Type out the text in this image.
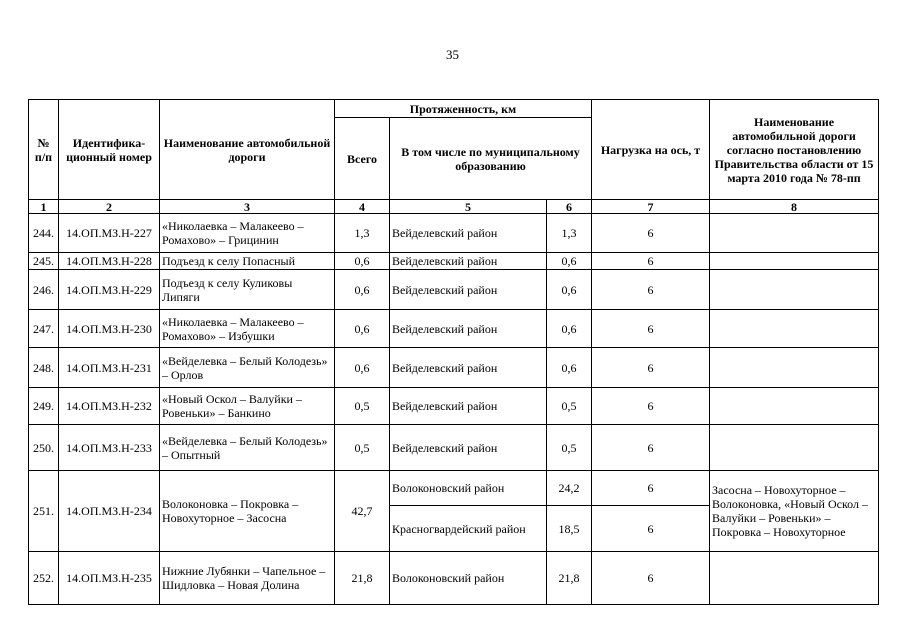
35
№ п/п	Идентифика-ционный номер	Наименование автомобильной дороги	Протяженность, км			Нагрузка на ось, т	Наименование автомобильной дороги согласно постановлению Правительства области от 15 марта 2010 года № 78-пп
			Всего	В том числе по муниципальному образованию			
1	2	3	4	5	6	7	8
244.	14.ОП.МЗ.Н-227	«Николаевка – Малакеево – Ромахово» – Грицинин	1,3	Вейделевский район	1,3	6	
245.	14.ОП.МЗ.Н-228	Подъезд к селу Попасный	0,6	Вейделевский район	0,6	6	
246.	14.ОП.МЗ.Н-229	Подъезд к селу Куликовы Липяги	0,6	Вейделевский район	0,6	6	
247.	14.ОП.МЗ.Н-230	«Николаевка – Малакеево – Ромахово» – Избушки	0,6	Вейделевский район	0,6	6	
248.	14.ОП.МЗ.Н-231	«Вейделевка – Белый Колодезь» – Орлов	0,6	Вейделевский район	0,6	6	
249.	14.ОП.МЗ.Н-232	«Новый Оскол – Валуйки – Ровеньки» – Банкино	0,5	Вейделевский район	0,5	6	
250.	14.ОП.МЗ.Н-233	«Вейделевка – Белый Колодезь» – Опытный	0,5	Вейделевский район	0,5	6	
251.	14.ОП.МЗ.Н-234	Волоконовка – Покровка – Новохуторное – Засосна	42,7	Волоконовский район	24,2	6	Засосна – Новохуторное – Волоконовка, «Новый Оскол – Валуйки – Ровеньки» – Покровка – Новохуторное
				Красногвардейский район	18,5	6	
252.	14.ОП.МЗ.Н-235	Нижние Лубянки – Чапельное – Шидловка – Новая Долина	21,8	Волоконовский район	21,8	6	
